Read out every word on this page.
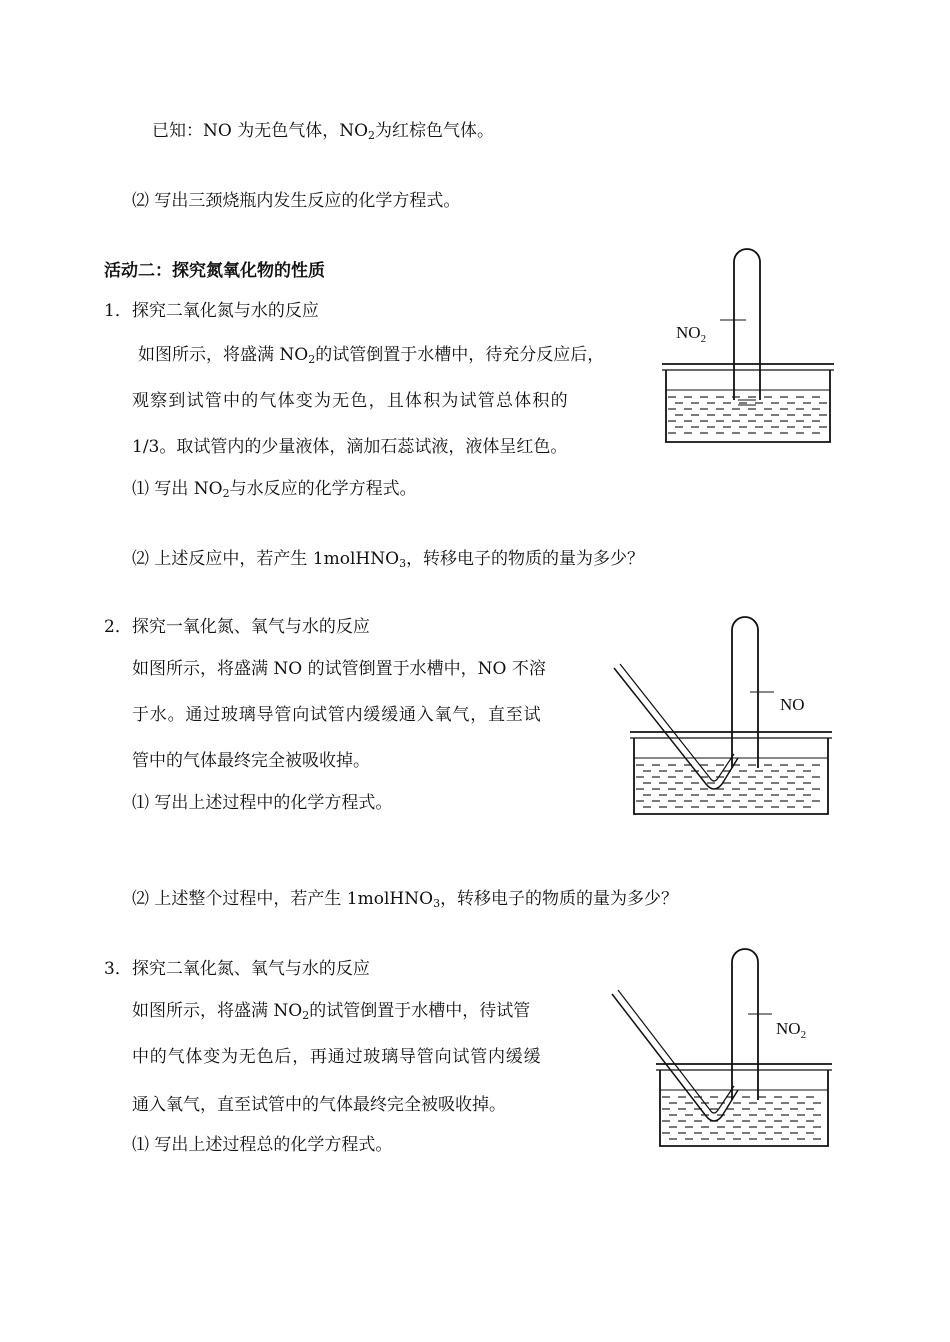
已知：NO 为无色气体，$NO_2$为红棕色气体。
⑵ 写出三颈烧瓶内发生反应的化学方程式。
活动二：探究氮氧化物的性质
1．探究二氧化氮与水的反应
如图所示，将盛满 $NO_2$的试管倒置于水槽中，待充分反应后，
观察到试管中的气体变为无色，且体积为试管总体积的
1/3。取试管内的少量液体，滴加石蕊试液，液体呈红色。
⑴ 写出 $NO_2$与水反应的化学方程式。
⑵ 上述反应中，若产生 1molHNO$_3$，转移电子的物质的量为多少？
$NO_2$
2．探究一氧化氮、氧气与水的反应
如图所示，将盛满 NO 的试管倒置于水槽中，NO 不溶
于水。通过玻璃导管向试管内缓缓通入氧气，直至试
管中的气体最终完全被吸收掉。
⑴ 写出上述过程中的化学方程式。
⑵ 上述整个过程中，若产生 1molHNO$_3$，转移电子的物质的量为多少？
NO
3．探究二氧化氮、氧气与水的反应
如图所示，将盛满 $NO_2$的试管倒置于水槽中，待试管
中的气体变为无色后，再通过玻璃导管向试管内缓缓
通入氧气，直至试管中的气体最终完全被吸收掉。
⑴ 写出上述过程总的化学方程式。
$NO_2$
